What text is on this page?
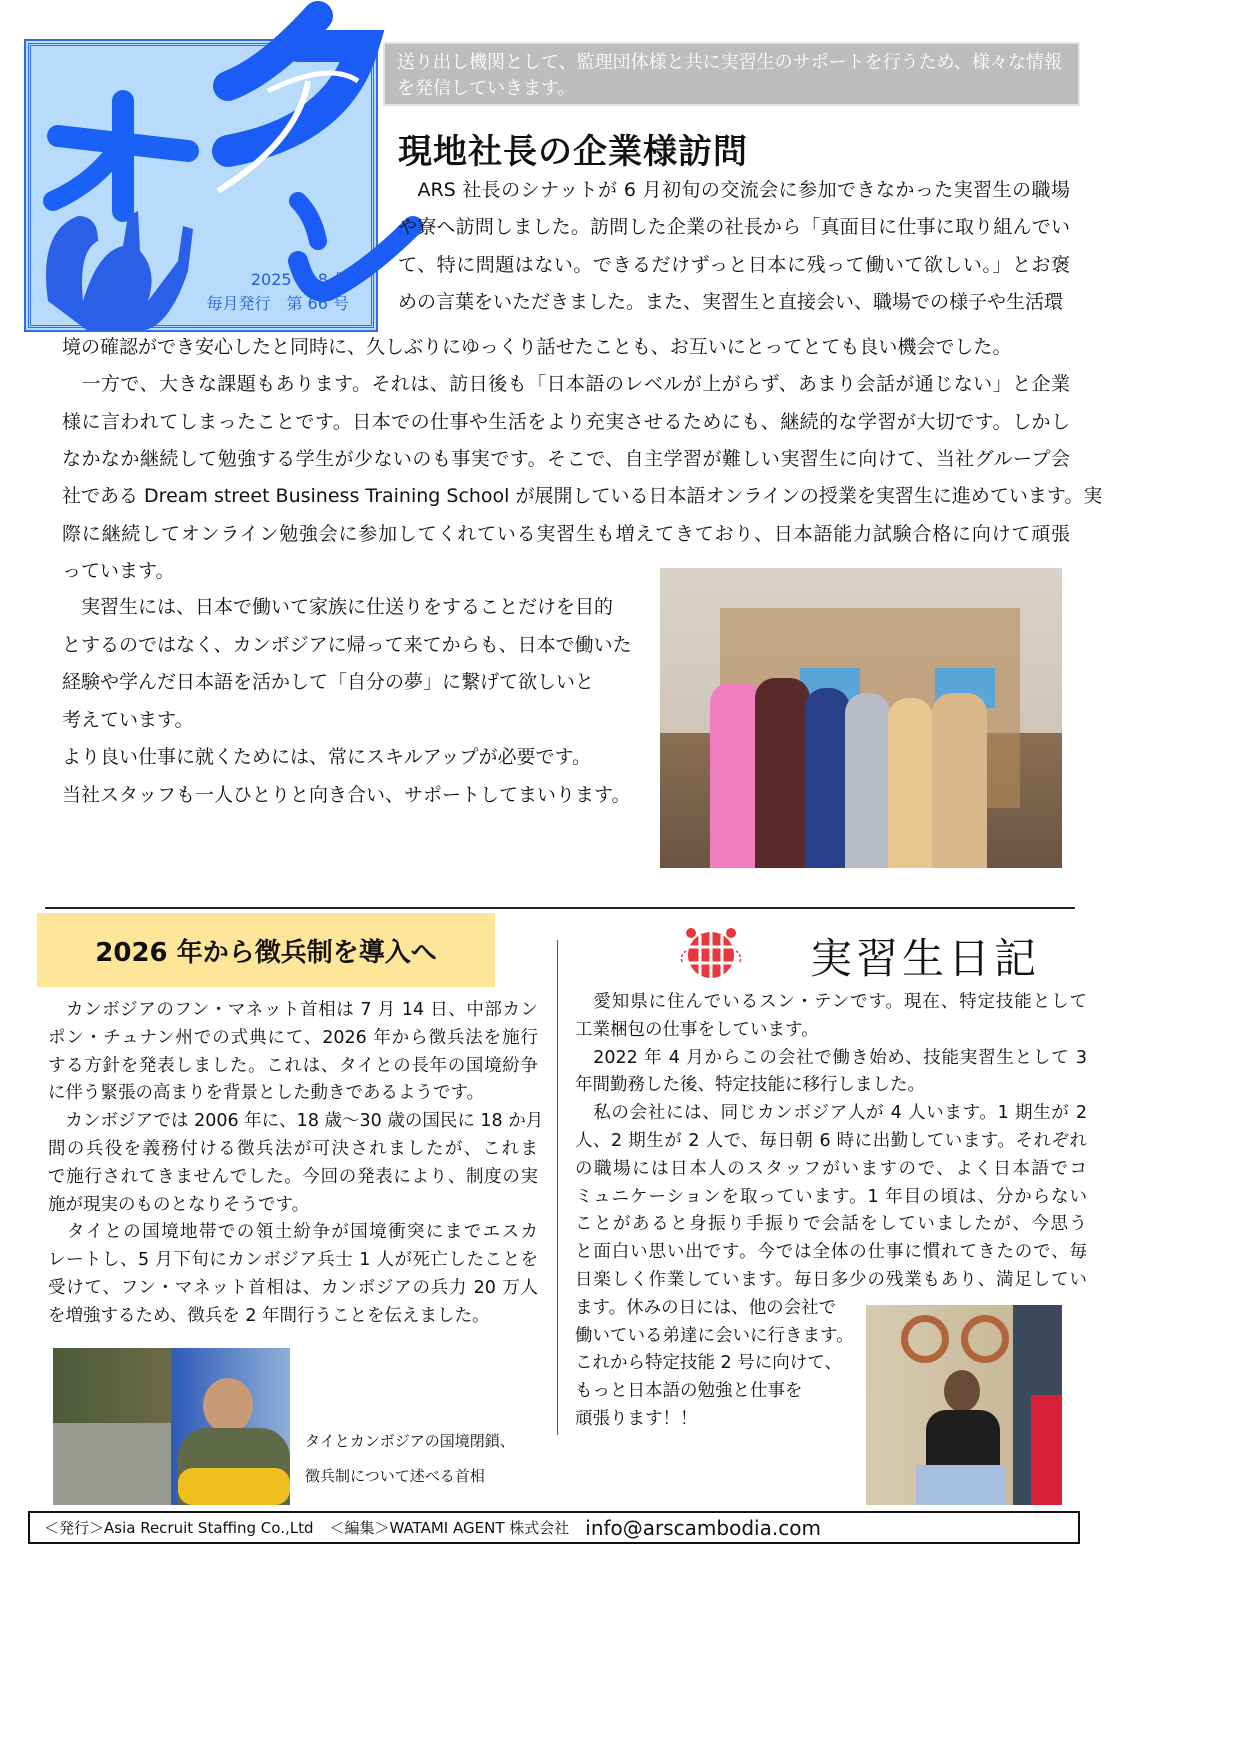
2025 年 8 月
毎月発行　第 66 号
送り出し機関として、監理団体様と共に実習生のサポートを行うため、様々な情報を発信していきます。
現地社長の企業様訪問
　ARS 社長のシナットが 6 月初旬の交流会に参加できなかった実習生の職場
や寮へ訪問しました。訪問した企業の社長から「真面目に仕事に取り組んでい
て、特に問題はない。できるだけずっと日本に残って働いて欲しい。」とお褒
めの言葉をいただきました。また、実習生と直接会い、職場での様子や生活環
境の確認ができ安心したと同時に、久しぶりにゆっくり話せたことも、お互いにとってとても良い機会でした。
　一方で、大きな課題もあります。それは、訪日後も「日本語のレベルが上がらず、あまり会話が通じない」と企業
様に言われてしまったことです。日本での仕事や生活をより充実させるためにも、継続的な学習が大切です。しかし
なかなか継続して勉強する学生が少ないのも事実です。そこで、自主学習が難しい実習生に向けて、当社グループ会
社である Dream street Business Training School が展開している日本語オンラインの授業を実習生に進めています。実
際に継続してオンライン勉強会に参加してくれている実習生も増えてきており、日本語能力試験合格に向けて頑張
っています。
　実習生には、日本で働いて家族に仕送りをすることだけを目的
とするのではなく、カンボジアに帰って来てからも、日本で働いた
経験や学んだ日本語を活かして「自分の夢」に繋げて欲しいと
考えています。
より良い仕事に就くためには、常にスキルアップが必要です。
当社スタッフも一人ひとりと向き合い、サポートしてまいります。
2026 年から徴兵制を導入へ
　カンボジアのフン・マネット首相は 7 月 14 日、中部カン
ポン・チュナン州での式典にて、2026 年から徴兵法を施行
する方針を発表しました。これは、タイとの長年の国境紛争
に伴う緊張の高まりを背景とした動きであるようです。
　カンボジアでは 2006 年に、18 歳～30 歳の国民に 18 か月
間の兵役を義務付ける徴兵法が可決されましたが、これま
で施行されてきませんでした。今回の発表により、制度の実
施が現実のものとなりそうです。
　タイとの国境地帯での領土紛争が国境衝突にまでエスカ
レートし、5 月下旬にカンボジア兵士 1 人が死亡したことを
受けて、フン・マネット首相は、カンボジアの兵力 20 万人
を増強するため、徴兵を 2 年間行うことを伝えました。
タイとカンボジアの国境閉鎖、
徴兵制について述べる首相
実習生日記
　愛知県に住んでいるスン・テンです。現在、特定技能として
工業梱包の仕事をしています。
　2022 年 4 月からこの会社で働き始め、技能実習生として 3
年間勤務した後、特定技能に移行しました。
　私の会社には、同じカンボジア人が 4 人います。1 期生が 2
人、2 期生が 2 人で、毎日朝 6 時に出勤しています。それぞれ
の職場には日本人のスタッフがいますので、よく日本語でコ
ミュニケーションを取っています。1 年目の頃は、分からない
ことがあると身振り手振りで会話をしていましたが、今思う
と面白い思い出です。今では全体の仕事に慣れてきたので、毎
日楽しく作業しています。毎日多少の残業もあり、満足してい
ます。休みの日には、他の会社で
働いている弟達に会いに行きます。
これから特定技能 2 号に向けて、
もっと日本語の勉強と仕事を
頑張ります！！
＜発行＞Asia Recruit Staffing Co.,Ltd ＜編集＞WATAMI AGENT 株式会社 info@arscambodia.com
